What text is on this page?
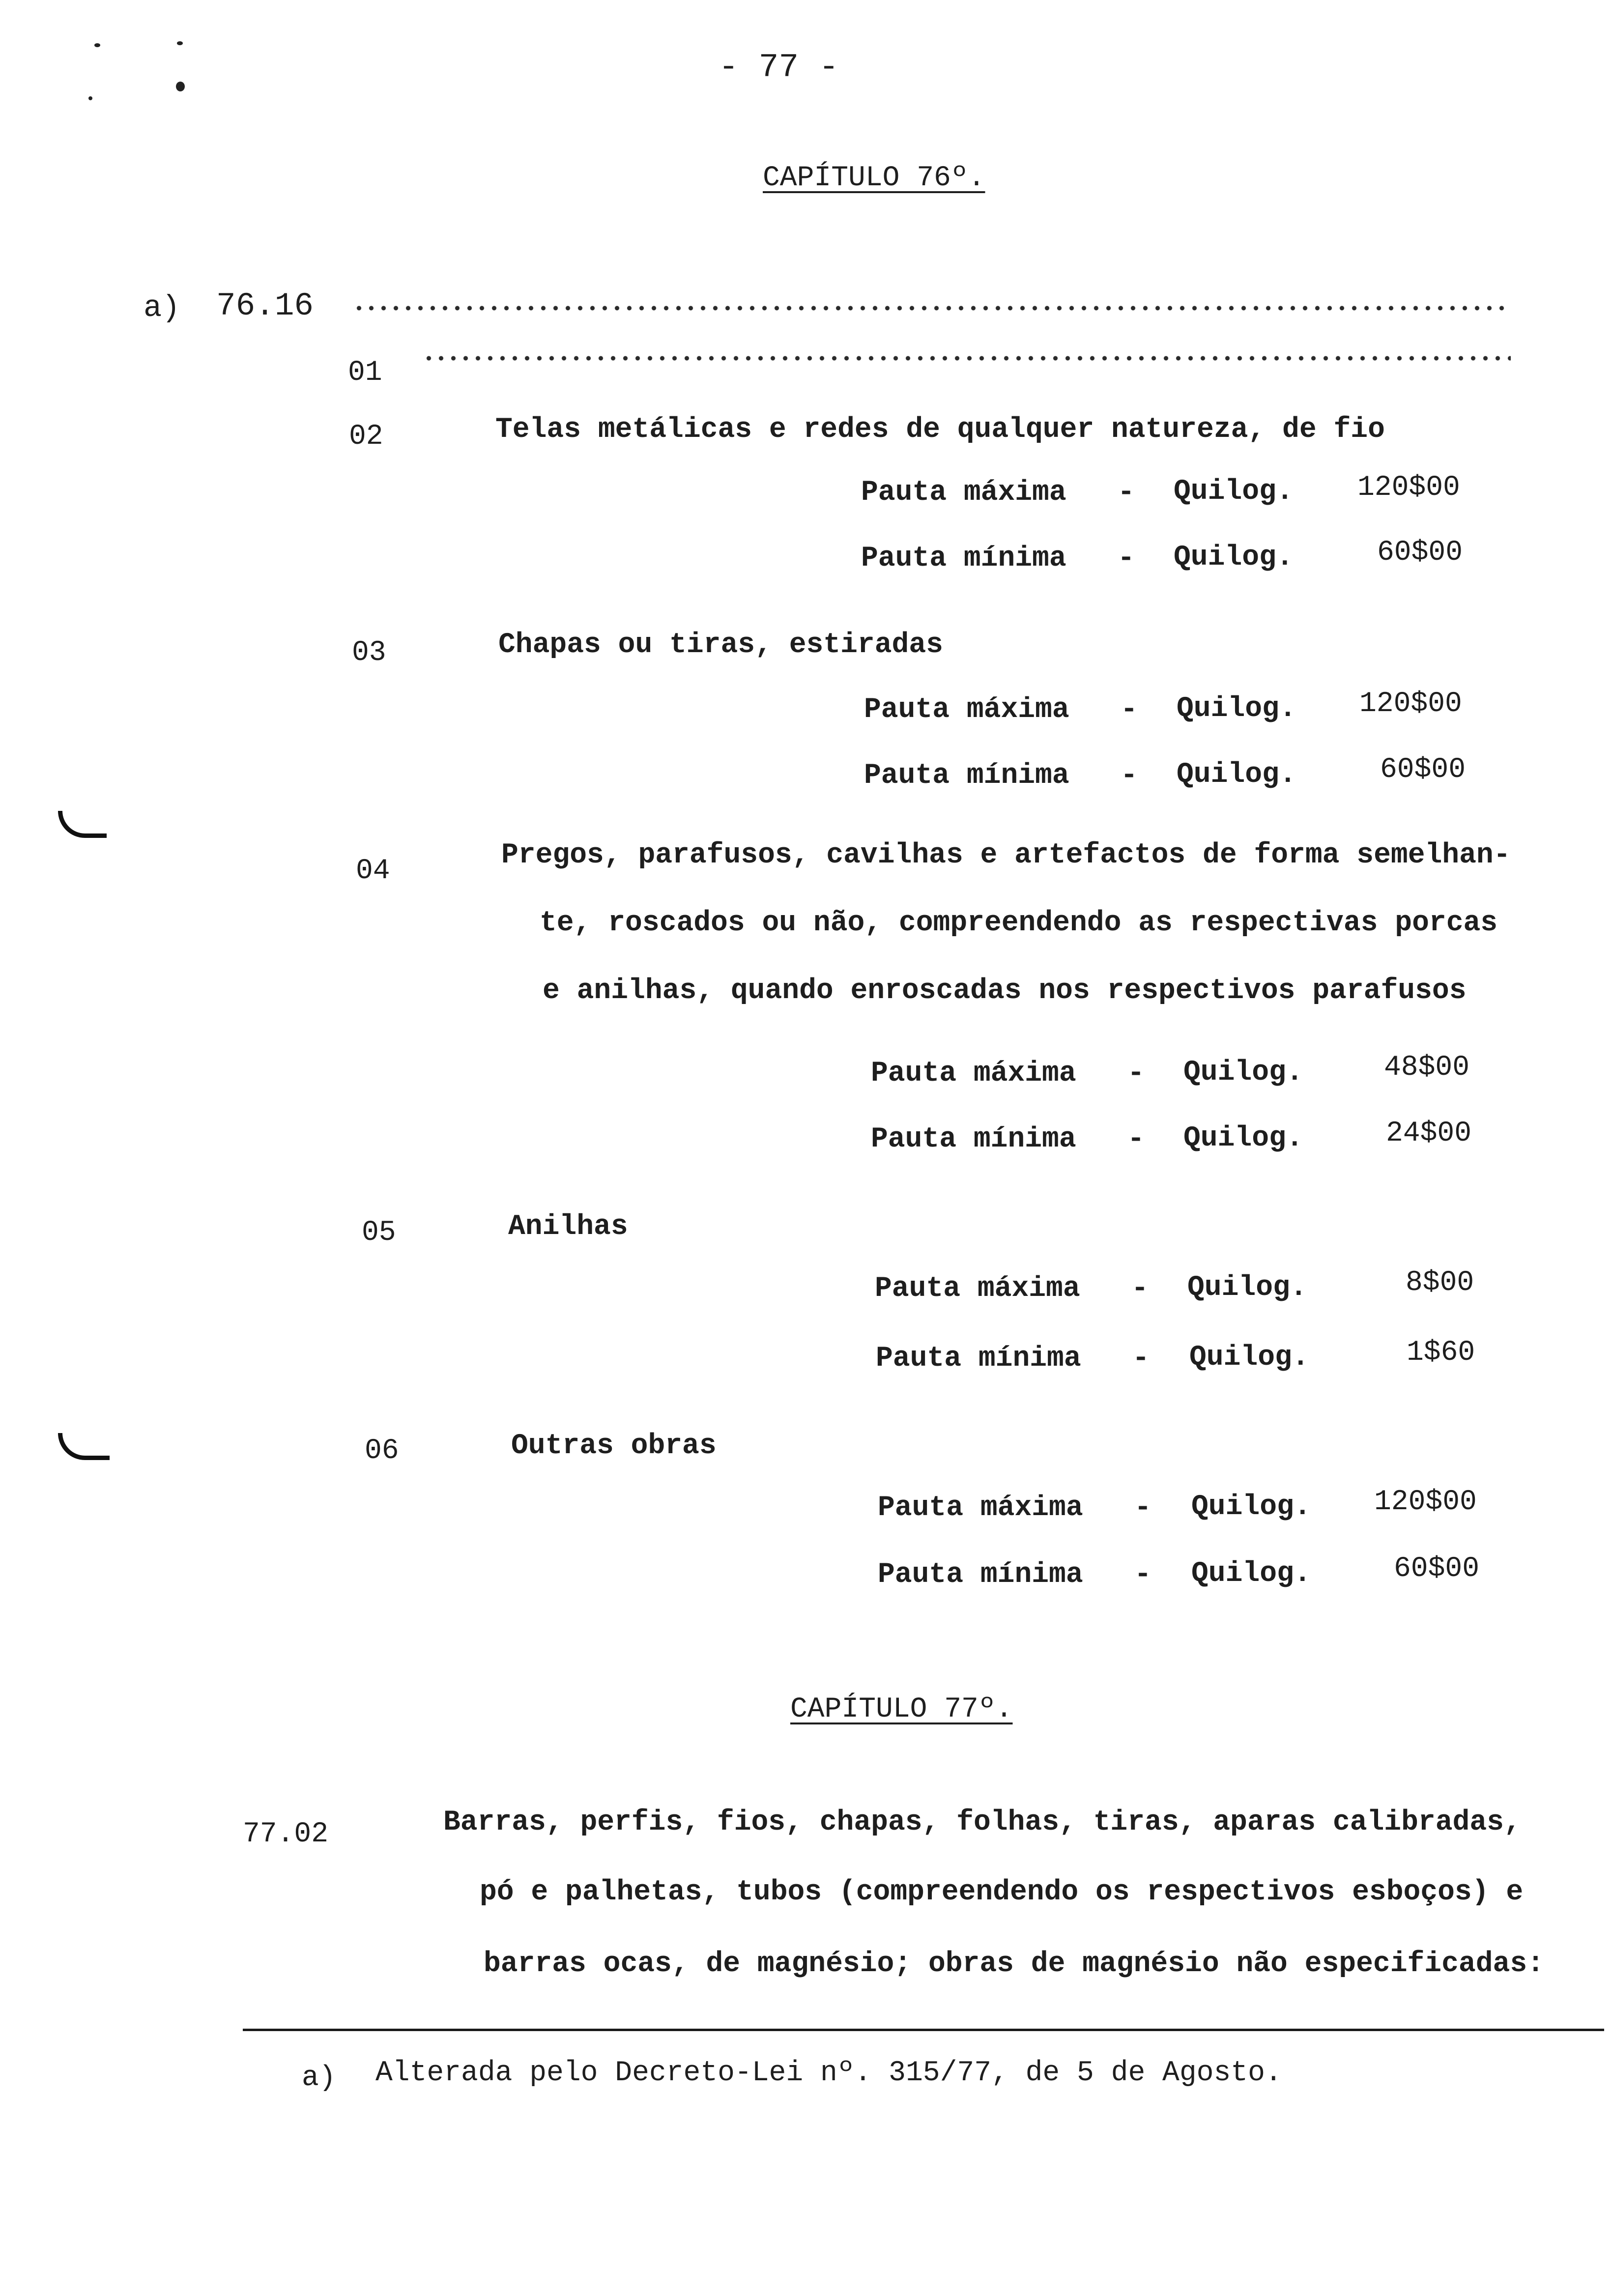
- 77 -
CAPÍTULO 76º.
a) 76.16
01
02	Telas metálicas e redes de qualquer natureza, de fio
Pauta máxima - Quilog. 120$00
Pauta mínima - Quilog.	60$00
03	Chapas ou tiras, estiradas
Pauta máxima - Quilog. 120$00
Pauta mínima - Quilog.	60$00
04	Pregos, parafusos, cavilhas e artefactos de forma semelhan-
te, roscados ou não, compreendendo as respectivas porcas
e anilhas, quando enroscadas nos respectivos parafusos
Pauta máxima - Quilog.	48$00
Pauta mínima - Quilog.	24$00
05	Anilhas
Pauta máxima - Quilog.	8$00
Pauta mínima - Quilog.	1$60
06	Outras obras
Pauta máxima - Quilog. 120$00
Pauta mínima - Quilog.	60$00
CAPÍTULO 77º.
77.02	Barras, perfis, fios, chapas, folhas, tiras, aparas calibradas,
pó e palhetas, tubos (compreendendo os respectivos esboços) e
barras ocas, de magnésio; obras de magnésio não especificadas:
a) Alterada pelo Decreto-Lei nº. 315/77, de 5 de Agosto.
